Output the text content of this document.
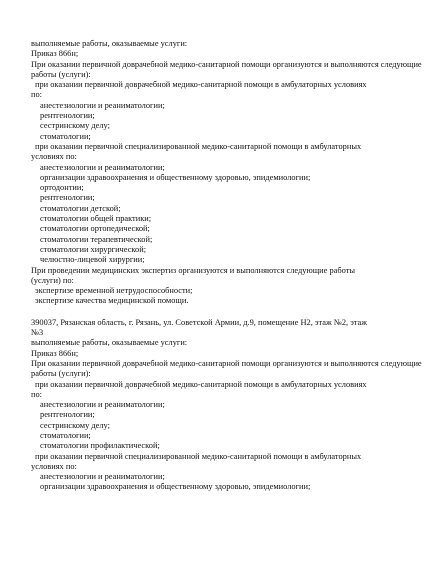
выполняемые работы, оказываемые услуги:
Приказ 866н;
При оказании первичной доврачебной медико-санитарной помощи организуются и выполняются следующие
работы (услуги):
при оказании первичной доврачебной медико-санитарной помощи в амбулаторных условиях
по:
анестезиологии и реаниматологии;
рентгенологии;
сестринскому делу;
стоматологии;
при оказании первичной специализированной медико-санитарной помощи в амбулаторных
условиях по:
анестезиологии и реаниматологии;
организации здравоохранения и общественному здоровью, эпидемиологии;
ортодонтии;
рентгенологии;
стоматологии детской;
стоматологии общей практики;
стоматологии ортопедической;
стоматологии терапевтической;
стоматологии хирургической;
челюстно-лицевой хирургии;
При проведении медицинских экспертиз организуются и выполняются следующие работы
(услуги) по:
экспертизе временной нетрудоспособности;
экспертизе качества медицинской помощи.
390037, Рязанская область, г. Рязань, ул. Советской Армии, д.9, помещение Н2, этаж №2, этаж
№3
выполняемые работы, оказываемые услуги:
Приказ 866н;
При оказании первичной доврачебной медико-санитарной помощи организуются и выполняются следующие
работы (услуги):
при оказании первичной доврачебной медико-санитарной помощи в амбулаторных условиях
по:
анестезиологии и реаниматологии;
рентгенологии;
сестринскому делу;
стоматологии;
стоматологии профилактической;
при оказании первичной специализированной медико-санитарной помощи в амбулаторных
условиях по:
анестезиологии и реаниматологии;
организации здравоохранения и общественному здоровью, эпидемиологии;
